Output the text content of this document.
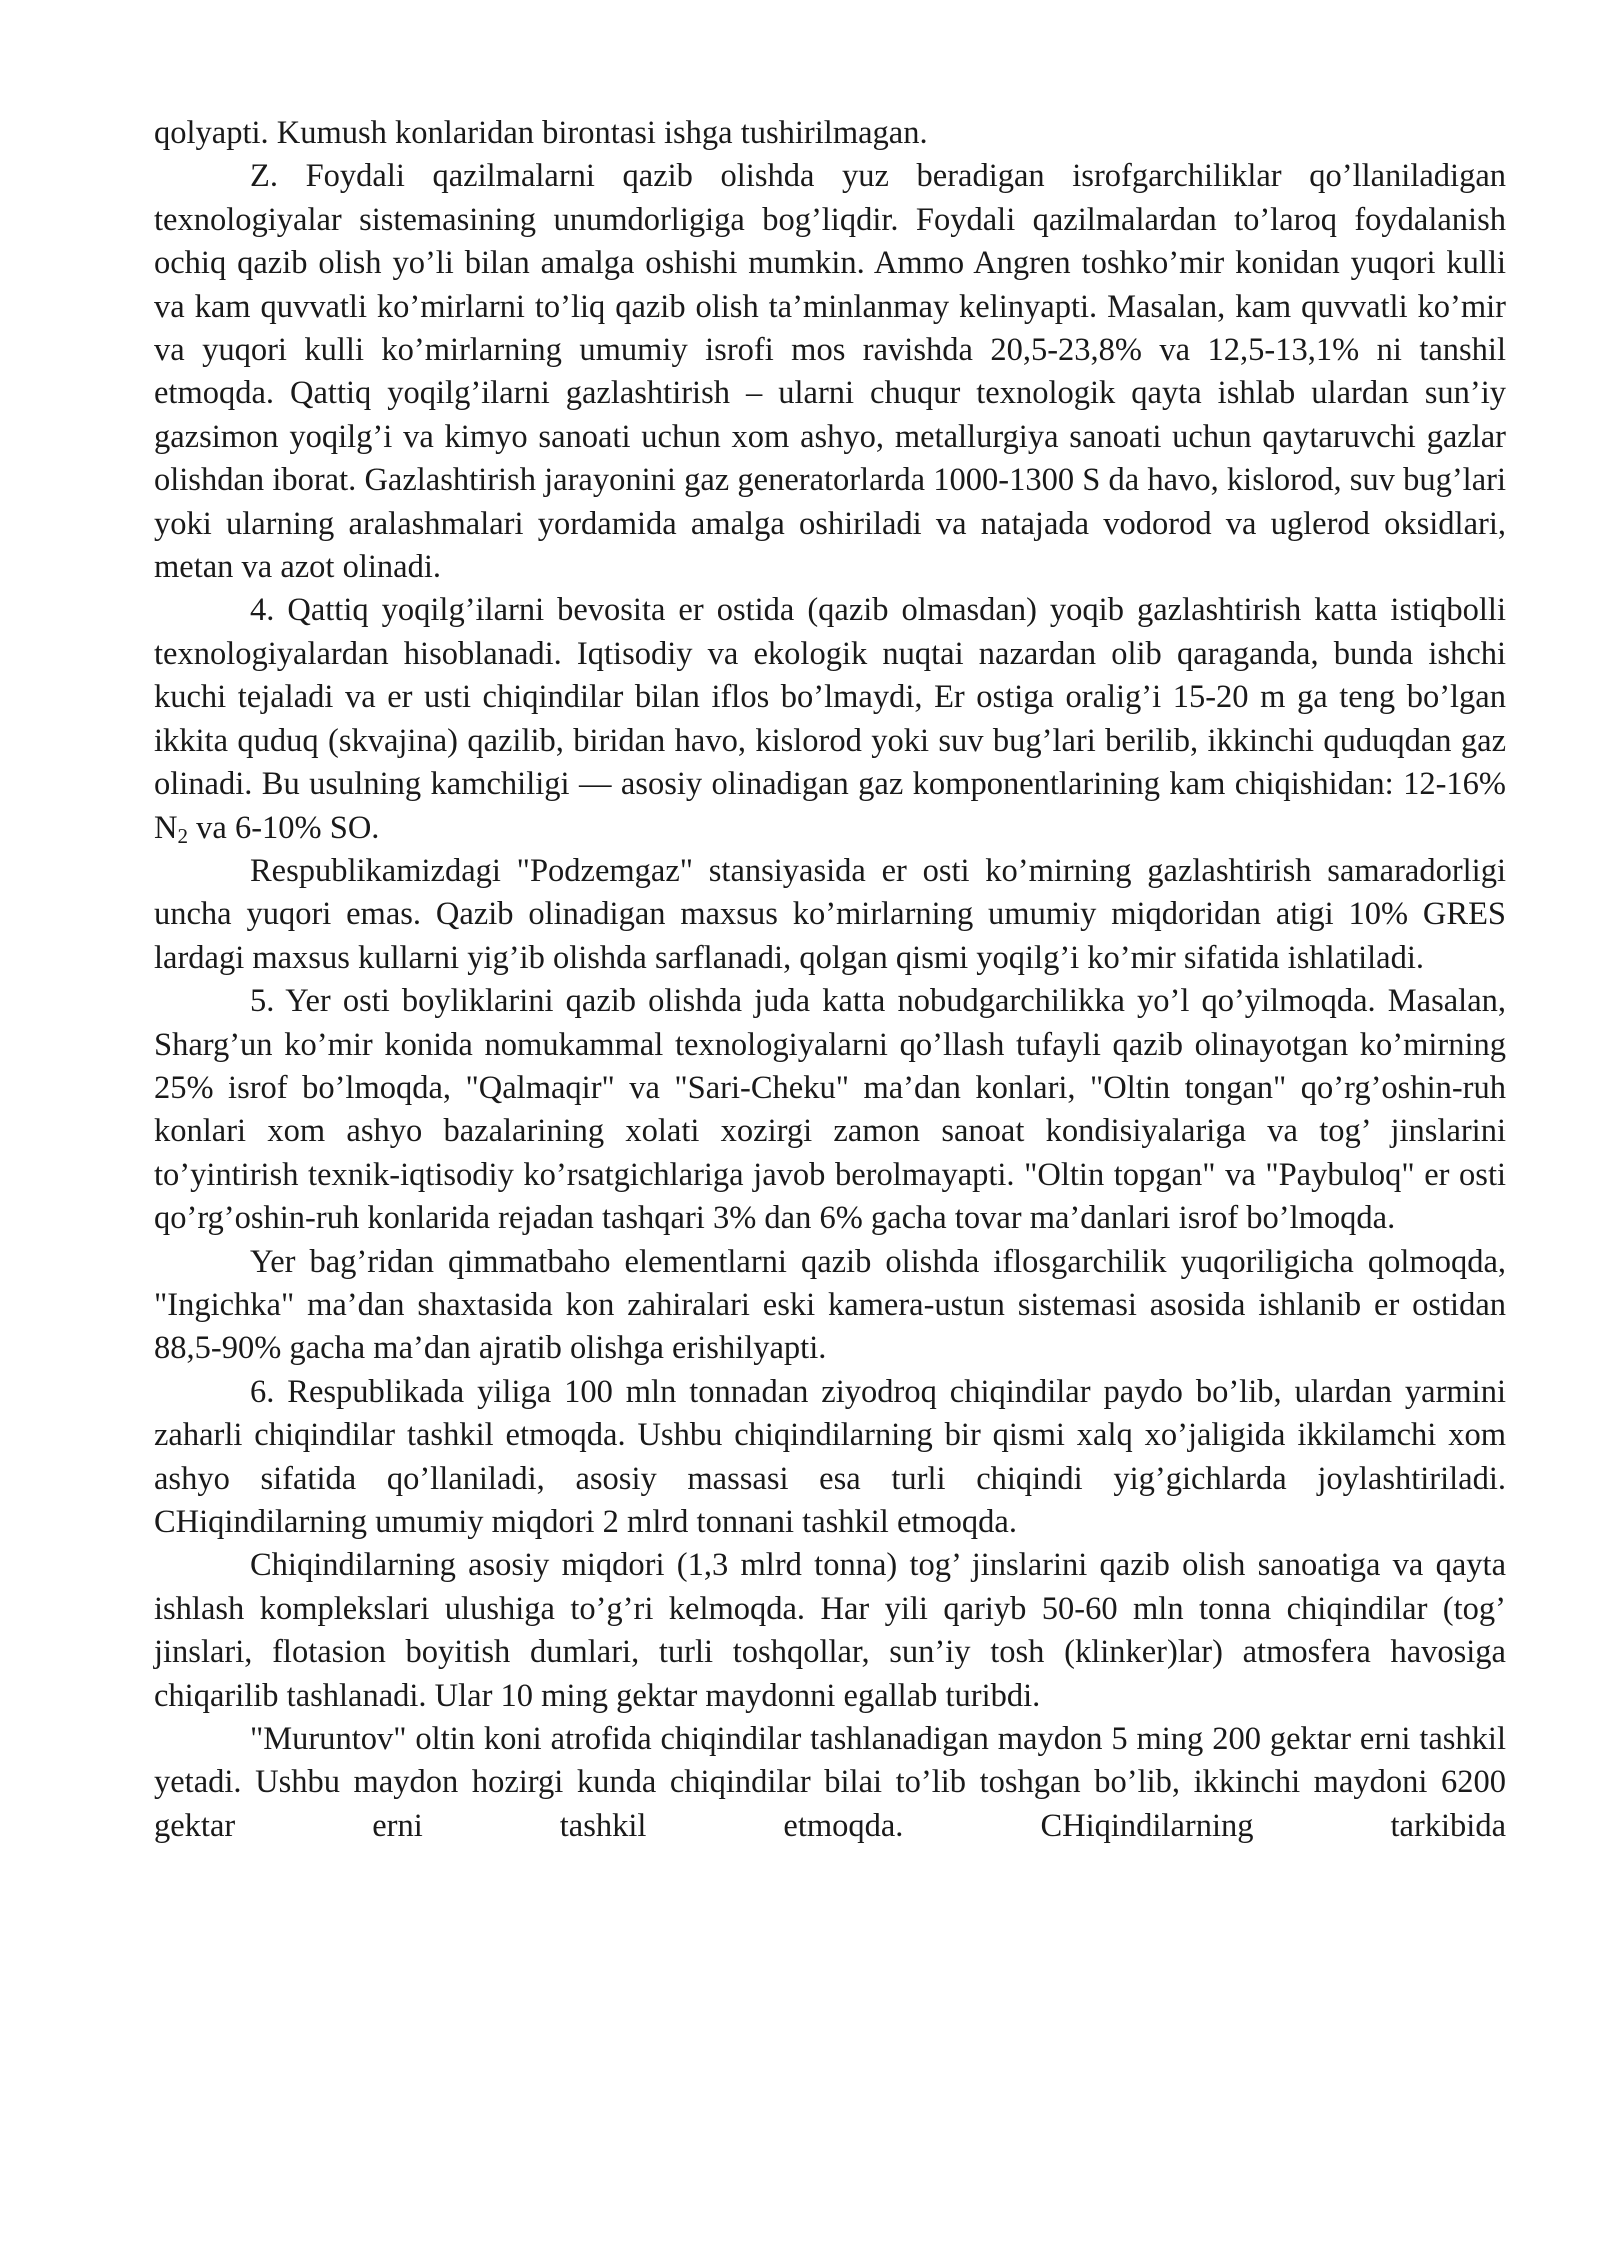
qolyapti. Kumush konlaridan birontasi ishga tushirilmagan.

Z. Foydali qazilmalarni qazib olishda yuz beradigan isrofgarchiliklar qo’llaniladigan texnologiyalar sistemasining unumdorligiga bog’liqdir. Foydali qazilmalardan to’laroq foydalanish ochiq qazib olish yo’li bilan amalga oshishi mumkin. Ammo Angren toshko’mir konidan yuqori kulli va kam quvvatli ko’mirlarni to’liq qazib olish ta’minlanmay kelinyapti. Masalan, kam quvvatli ko’mir va yuqori kulli ko’mirlarning umumiy isrofi mos ravishda 20,5-23,8% va 12,5-13,1% ni tanshil etmoqda. Qattiq yoqilg’ilarni gazlashtirish – ularni chuqur texnologik qayta ishlab ulardan sun’iy gazsimon yoqilg’i va kimyo sanoati uchun xom ashyo, metallurgiya sanoati uchun qaytaruvchi gazlar olishdan iborat. Gazlashtirish jarayonini gaz generatorlarda 1000-1300 S da havo, kislorod, suv bug’lari yoki ularning aralashmalari yordamida amalga oshiriladi va natajada vodorod va uglerod oksidlari, metan va azot olinadi.

4. Qattiq yoqilg’ilarni bevosita er ostida (qazib olmasdan) yoqib gazlashtirish katta istiqbolli texnologiyalardan hisoblanadi. Iqtisodiy va ekologik nuqtai nazardan olib qaraganda, bunda ishchi kuchi tejaladi va er usti chiqindilar bilan iflos bo’lmaydi, Er ostiga oralig’i 15-20 m ga teng bo’lgan ikkita quduq (skvajina) qazilib, biridan havo, kislorod yoki suv bug’lari berilib, ikkinchi quduqdan gaz olinadi. Bu usulning kamchiligi — asosiy olinadigan gaz komponentlarining kam chiqishidan: 12-16% $N_2$ va 6-10% SO.

Respublikamizdagi "Podzemgaz" stansiyasida er osti ko’mirning gazlashtirish samaradorligi uncha yuqori emas. Qazib olinadigan maxsus ko’mirlarning umumiy miqdoridan atigi 10% GRES lardagi maxsus kullarni yig’ib olishda sarflanadi, qolgan qismi yoqilg’i ko’mir sifatida ishlatiladi.

5. Yer osti boyliklarini qazib olishda juda katta nobudgarchilikka yo’l qo’yilmoqda. Masalan, Sharg’un ko’mir konida nomukammal texnologiyalarni qo’llash tufayli qazib olinayotgan ko’mirning 25% isrof bo’lmoqda, "Qalmaqir" va "Sari-Cheku" ma’dan konlari, "Oltin tongan" qo’rg’oshin-ruh konlari xom ashyo bazalarining xolati xozirgi zamon sanoat kondisiyalariga va tog’ jinslarini to’yintirish texnik-iqtisodiy ko’rsatgichlariga javob berolmayapti. "Oltin topgan" va "Paybuloq" er osti qo’rg’oshin-ruh konlarida rejadan tashqari 3% dan 6% gacha tovar ma’danlari isrof bo’lmoqda.

Yer bag’ridan qimmatbaho elementlarni qazib olishda iflosgarchilik yuqoriligicha qolmoqda, "Ingichka" ma’dan shaxtasida kon zahiralari eski kamera-ustun sistemasi asosida ishlanib er ostidan 88,5-90% gacha ma’dan ajratib olishga erishilyapti.

6. Respublikada yiliga 100 mln tonnadan ziyodroq chiqindilar paydo bo’lib, ulardan yarmini zaharli chiqindilar tashkil etmoqda. Ushbu chiqindilarning bir qismi xalq xo’jaligida ikkilamchi xom ashyo sifatida qo’llaniladi, asosiy massasi esa turli chiqindi yig’gichlarda joylashtiriladi. CHiqindilarning umumiy miqdori 2 mlrd tonnani tashkil etmoqda.

Chiqindilarning asosiy miqdori (1,3 mlrd tonna) tog’ jinslarini qazib olish sanoatiga va qayta ishlash komplekslari ulushiga to’g’ri kelmoqda. Har yili qariyb 50-60 mln tonna chiqindilar (tog’ jinslari, flotasion boyitish dumlari, turli toshqollar, sun’iy tosh (klinker)lar) atmosfera havosiga chiqarilib tashlanadi. Ular 10 ming gektar maydonni egallab turibdi.

"Muruntov" oltin koni atrofida chiqindilar tashlanadigan maydon 5 ming 200 gektar erni tashkil yetadi. Ushbu maydon hozirgi kunda chiqindilar bilai to’lib toshgan bo’lib, ikkinchi maydoni 6200 gektar erni tashkil etmoqda. CHiqindilarning tarkibida
